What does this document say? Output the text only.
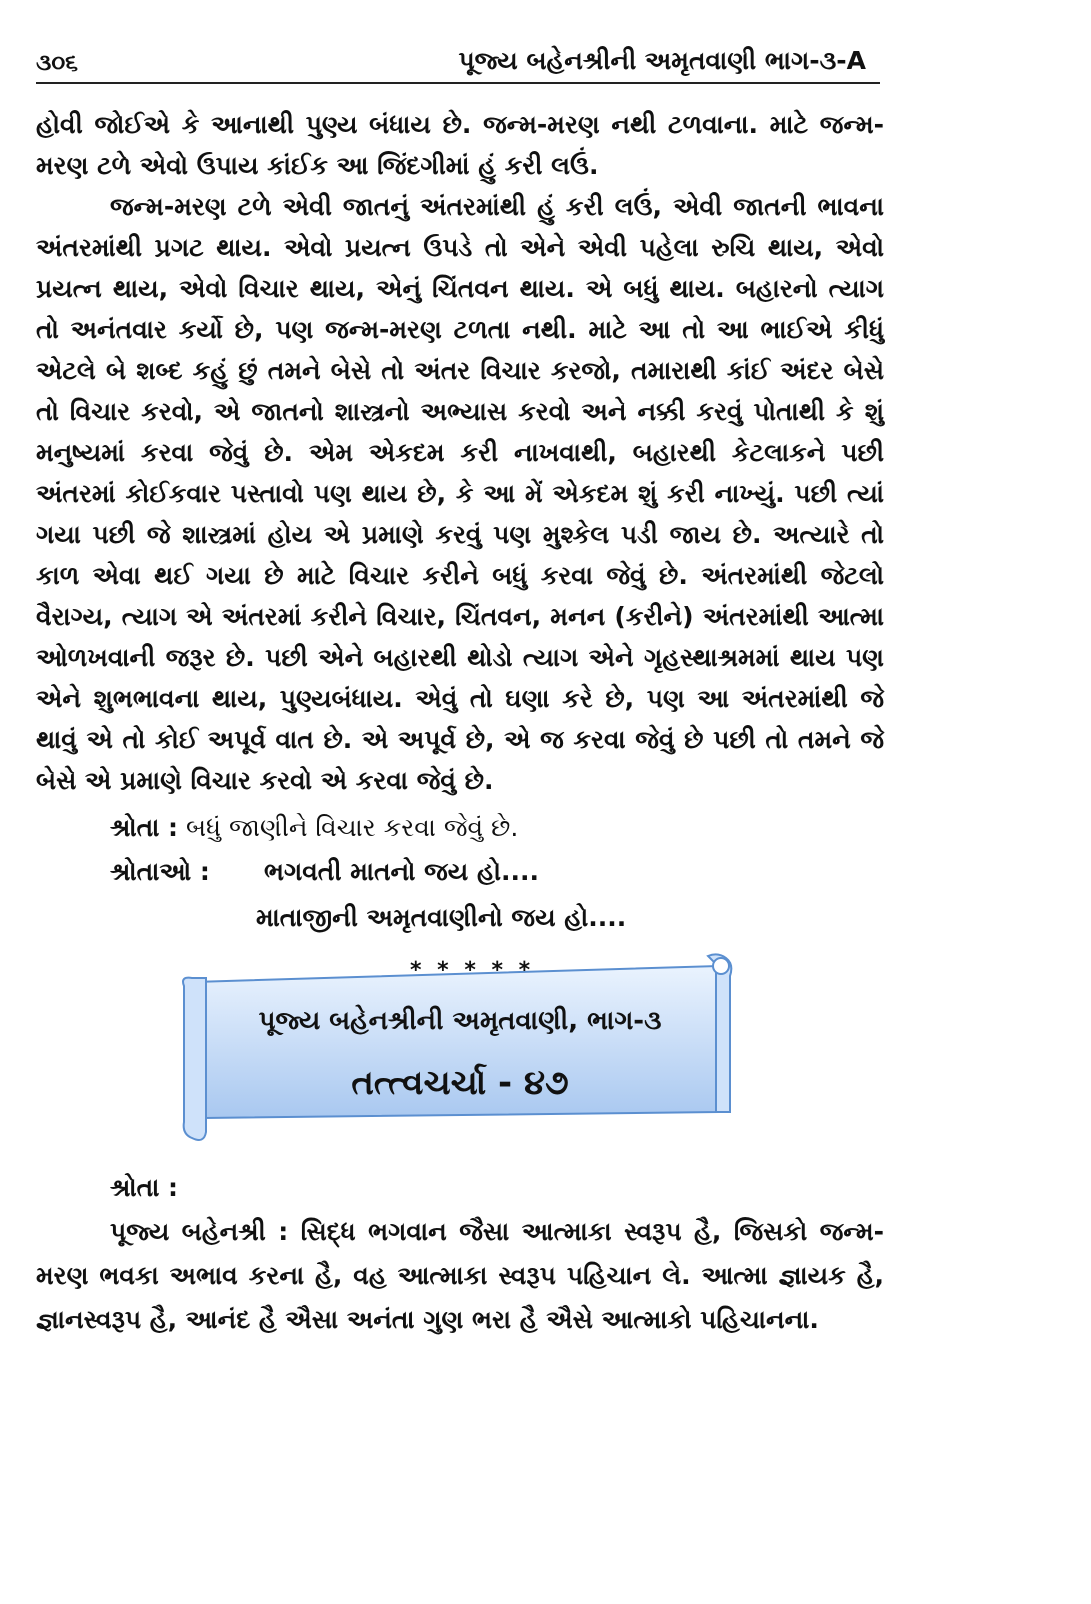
૩૦૬	પૂજ્ય બહેનશ્રીની અમૃતવાણી ભાગ-૩-A

હોવી જોઈએ કે આનાથી પુણ્ય બંધાય છે. જન્મ-મરણ નથી ટળવાના. માટે જન્મ-મરણ ટળે એવો ઉપાય કાંઈક આ જિંદગીમાં હું કરી લઉં.

જન્મ-મરણ ટળે એવી જાતનું અંતરમાંથી હું કરી લઉં, એવી જાતની ભાવના અંતરમાંથી પ્રગટ થાય. એવો પ્રયત્ન ઉપડે તો એને એવી પહેલા રુચિ થાય, એવો પ્રયત્ન થાય, એવો વિચાર થાય, એનું ચિંતવન થાય. એ બધું થાય. બહારનો ત્યાગ તો અનંતવાર કર્યો છે, પણ જન્મ-મરણ ટળતા નથી. માટે આ તો આ ભાઈએ કીધું એટલે બે શબ્દ કહું છું તમને બેસે તો અંતર વિચાર કરજો, તમારાથી કાંઈ અંદર બેસે તો વિચાર કરવો, એ જાતનો શાસ્ત્રનો અભ્યાસ કરવો અને નક્કી કરવું પોતાથી કે શું મનુષ્યમાં કરવા જેવું છે. એમ એકદમ કરી નાખવાથી, બહારથી કેટલાકને પછી અંતરમાં કોઈકવાર પસ્તાવો પણ થાય છે, કે આ મેં એકદમ શું કરી નાખ્યું. પછી ત્યાં ગયા પછી જે શાસ્ત્રમાં હોય એ પ્રમાણે કરવું પણ મુશ્કેલ પડી જાય છે. અત્યારે તો કાળ એવા થઈ ગયા છે માટે વિચાર કરીને બધું કરવા જેવું છે. અંતરમાંથી જેટલો વૈરાગ્ય, ત્યાગ એ અંતરમાં કરીને વિચાર, ચિંતવન, મનન (કરીને) અંતરમાંથી આત્મા ઓળખવાની જરૂર છે. પછી એને બહારથી થોડો ત્યાગ એને ગૃહસ્થાશ્રમમાં થાય પણ એને શુભભાવના થાય, પુણ્યબંધાય. એવું તો ઘણા કરે છે, પણ આ અંતરમાંથી જે થાવું એ તો કોઈ અપૂર્વ વાત છે. એ અપૂર્વ છે, એ જ કરવા જેવું છે પછી તો તમને જે બેસે એ પ્રમાણે વિચાર કરવો એ કરવા જેવું છે.

શ્રોતા : બધું જાણીને વિચાર કરવા જેવું છે.
શ્રોતાઓ : ભગવતી માતનો જય હો....
માતાજીની અમૃતવાણીનો જય હો....
* * * * *
પૂજ્ય બહેનશ્રીની અમૃતવાણી, ભાગ-૩
તત્ત્વચર્ચા - ૪૭

શ્રોતા :

પૂજ્ય બહેનશ્રી : સિદ્ધ ભગવાન જૈસા આત્માકા સ્વરૂપ હૈ, જિસકો જન્મ-મરણ ભવકા અભાવ કરના હૈ, વહ આત્માકા સ્વરૂપ પહિચાન લે. આત્મા જ્ઞાયક હૈ, જ્ઞાનસ્વરૂપ હૈ, આનંદ હૈ ઐસા અનંતા ગુણ ભરા હૈ ઐસે આત્માકો પહિચાનના.
